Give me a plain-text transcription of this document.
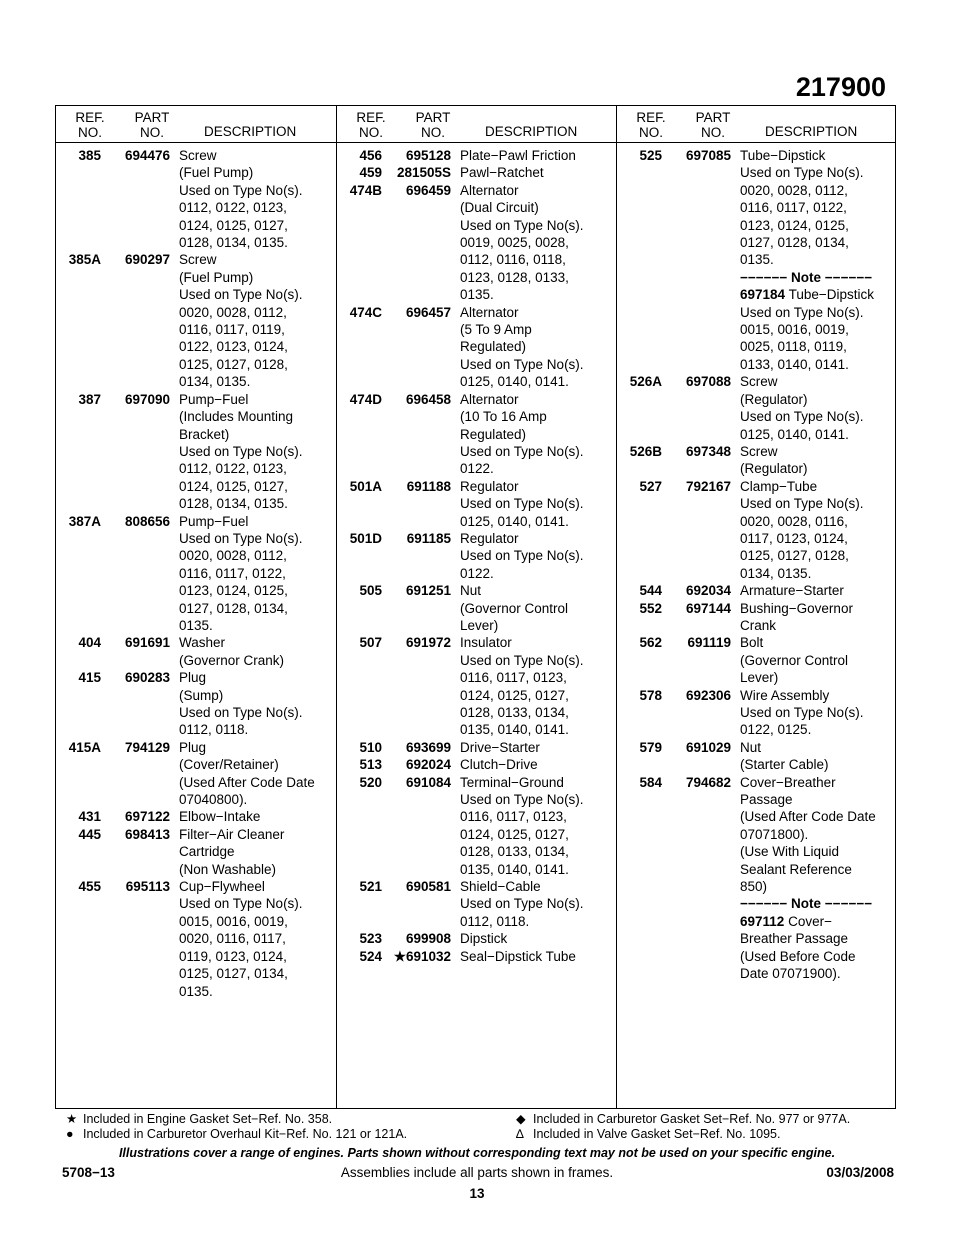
217900
REF.
NO.
PART
NO.	DESCRIPTION
385	694476 Screw
(Fuel Pump)
Used on Type No(s).
0112, 0122, 0123,
0124, 0125, 0127,
0128, 0134, 0135.
385A	690297 Screw
(Fuel Pump)
Used on Type No(s).
0020, 0028, 0112,
0116, 0117, 0119,
0122, 0123, 0124,
0125, 0127, 0128,
0134, 0135.
387	697090 Pump−Fuel
(Includes Mounting
Bracket)
Used on Type No(s).
0112, 0122, 0123,
0124, 0125, 0127,
0128, 0134, 0135.
387A	808656 Pump−Fuel
Used on Type No(s).
0020, 0028, 0112,
0116, 0117, 0122,
0123, 0124, 0125,
0127, 0128, 0134,
0135.
404	691691 Washer
(Governor Crank)
415	690283 Plug
(Sump)
Used on Type No(s).
0112, 0118.
415A	794129 Plug
(Cover/Retainer)
(Used After Code Date
07040800).
431	697122 Elbow−Intake
445	698413 Filter−Air Cleaner
Cartridge
(Non Washable)
455	695113 Cup−Flywheel
Used on Type No(s).
0015, 0016, 0019,
0020, 0116, 0117,
0119, 0123, 0124,
0125, 0127, 0134,
0135.
REF.
NO.
PART
NO.	DESCRIPTION
456	695128 Plate−Pawl Friction
459	281505S Pawl−Ratchet
474B	696459 Alternator
(Dual Circuit)
Used on Type No(s).
0019, 0025, 0028,
0112, 0116, 0118,
0123, 0128, 0133,
0135.
474C	696457 Alternator
(5 To 9 Amp
Regulated)
Used on Type No(s).
0125, 0140, 0141.
474D	696458 Alternator
(10 To 16 Amp
Regulated)
Used on Type No(s).
0122.
501A	691188 Regulator
Used on Type No(s).
0125, 0140, 0141.
501D	691185 Regulator
Used on Type No(s).
0122.
505	691251 Nut
(Governor Control
Lever)
507	691972 Insulator
Used on Type No(s).
0116, 0117, 0123,
0124, 0125, 0127,
0128, 0133, 0134,
0135, 0140, 0141.
510	693699 Drive−Starter
513	692024 Clutch−Drive
520	691084 Terminal−Ground
Used on Type No(s).
0116, 0117, 0123,
0124, 0125, 0127,
0128, 0133, 0134,
0135, 0140, 0141.
521	690581 Shield−Cable
Used on Type No(s).
0112, 0118.
523	699908 Dipstick
524 ★691032 Seal−Dipstick Tube
REF.
NO.
PART
NO.	DESCRIPTION
525	697085 Tube−Dipstick
Used on Type No(s).
0020, 0028, 0112,
0116, 0117, 0122,
0123, 0124, 0125,
0127, 0128, 0134,
0135.
−−−−−− Note −−−−−−
697184 Tube−Dipstick
Used on Type No(s).
0015, 0016, 0019,
0025, 0118, 0119,
0133, 0140, 0141.
526A	697088 Screw
(Regulator)
Used on Type No(s).
0125, 0140, 0141.
526B	697348 Screw
(Regulator)
527	792167 Clamp−Tube
Used on Type No(s).
0020, 0028, 0116,
0117, 0123, 0124,
0125, 0127, 0128,
0134, 0135.
544	692034 Armature−Starter
552	697144 Bushing−Governor
Crank
562	691119 Bolt
(Governor Control
Lever)
578	692306 Wire Assembly
Used on Type No(s).
0122, 0125.
579	691029 Nut
(Starter Cable)
584	794682 Cover−Breather
Passage
(Used After Code Date
07071800).
(Use With Liquid
Sealant Reference
850)
−−−−−− Note −−−−−−
697112 Cover−
Breather Passage
(Used Before Code
Date 07071900).
★ Included in Engine Gasket Set−Ref. No. 358.
● Included in Carburetor Overhaul Kit−Ref. No. 121 or 121A.
◆ Included in Carburetor Gasket Set−Ref. No. 977 or 977A.
∆ Included in Valve Gasket Set−Ref. No. 1095.
Illustrations cover a range of engines. Parts shown without corresponding text may not be used on your specific engine.
5708−13	Assemblies include all parts shown in frames.	03/03/2008
13
